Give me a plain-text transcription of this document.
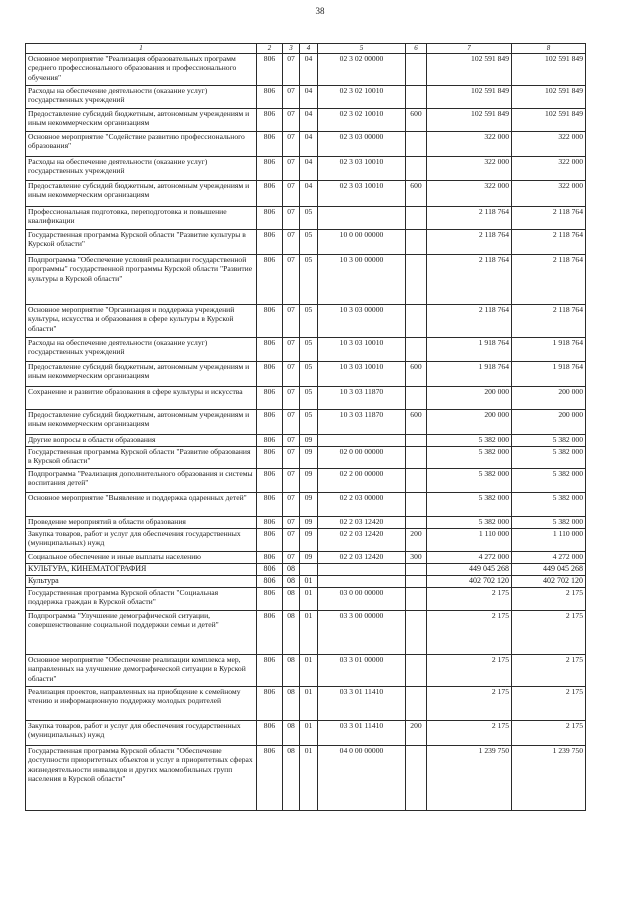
38
1	2	3	4	5	6	7	8
Основное мероприятие "Реализация образовательных программ среднего профессионального образования и профессионального обучения"	806	07	04	02 3 02 00000		102 591 849	102 591 849
Расходы на обеспечение деятельности (оказание услуг) государственных учреждений	806	07	04	02 3 02 10010		102 591 849	102 591 849
Предоставление субсидий бюджетным, автономным учреждениям и иным некоммерческим организациям	806	07	04	02 3 02 10010	600	102 591 849	102 591 849
Основное мероприятие "Содействие развитию профессионального образования"	806	07	04	02 3 03 00000		322 000	322 000
Расходы на обеспечение деятельности (оказание услуг) государственных учреждений	806	07	04	02 3 03 10010		322 000	322 000
Предоставление субсидий бюджетным, автономным учреждениям и иным некоммерческим организациям	806	07	04	02 3 03 10010	600	322 000	322 000
Профессиональная подготовка, переподготовка и повышение квалификации	806	07	05			2 118 764	2 118 764
Государственная программа Курской области "Развитие культуры в Курской области"	806	07	05	10 0 00 00000		2 118 764	2 118 764
Подпрограмма "Обеспечение условий реализации государственной программы" государственной программы Курской области "Развитие культуры в Курской области"	806	07	05	10 3 00 00000		2 118 764	2 118 764
Основное мероприятие "Организация и поддержка учреждений культуры, искусства и образования в сфере культуры в Курской области"	806	07	05	10 3 03 00000		2 118 764	2 118 764
Расходы на обеспечение деятельности (оказание услуг) государственных учреждений	806	07	05	10 3 03 10010		1 918 764	1 918 764
Предоставление субсидий бюджетным, автономным учреждениям и иным некоммерческим организациям	806	07	05	10 3 03 10010	600	1 918 764	1 918 764
Сохранение и развитие образования в сфере культуры и искусства	806	07	05	10 3 03 11870		200 000	200 000
Предоставление субсидий бюджетным, автономным учреждениям и иным некоммерческим организациям	806	07	05	10 3 03 11870	600	200 000	200 000
Другие вопросы в области образования	806	07	09			5 382 000	5 382 000
Государственная программа Курской области "Развитие образования в Курской области"	806	07	09	02 0 00 00000		5 382 000	5 382 000
Подпрограмма "Реализация дополнительного образования и системы воспитания детей"	806	07	09	02 2 00 00000		5 382 000	5 382 000
Основное мероприятие "Выявление и поддержка одаренных детей"	806	07	09	02 2 03 00000		5 382 000	5 382 000
Проведение мероприятий в области образования	806	07	09	02 2 03 12420		5 382 000	5 382 000
Закупка товаров, работ и услуг для обеспечения государственных (муниципальных) нужд	806	07	09	02 2 03 12420	200	1 110 000	1 110 000
Социальное обеспечение и иные выплаты населению	806	07	09	02 2 03 12420	300	4 272 000	4 272 000
КУЛЬТУРА, КИНЕМАТОГРАФИЯ	806	08				449 045 268	449 045 268
Культура	806	08	01			402 702 120	402 702 120
Государственная программа Курской области "Социальная поддержка граждан в Курской области"	806	08	01	03 0 00 00000		2 175	2 175
Подпрограмма "Улучшение демографической ситуации, совершенствование социальной поддержки семьи и детей"	806	08	01	03 3 00 00000		2 175	2 175
Основное мероприятие "Обеспечение реализации комплекса мер, направленных на улучшение демографической ситуации в Курской области"	806	08	01	03 3 01 00000		2 175	2 175
Реализация проектов, направленных на приобщение к семейному чтению и информационную поддержку молодых родителей	806	08	01	03 3 01 11410		2 175	2 175
Закупка товаров, работ и услуг для обеспечения государственных (муниципальных) нужд	806	08	01	03 3 01 11410	200	2 175	2 175
Государственная программа Курской области "Обеспечение доступности приоритетных объектов и услуг в приоритетных сферах жизнедеятельности инвалидов и других маломобильных групп населения в Курской области"	806	08	01	04 0 00 00000		1 239 750	1 239 750
